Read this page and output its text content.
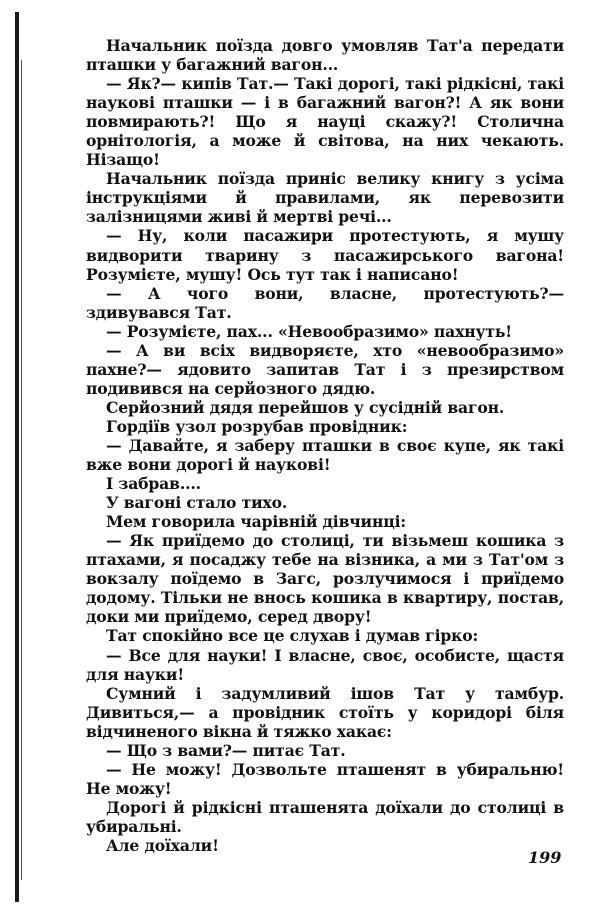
Начальник поїзда довго умовляв Тат'а передати пташки у багажний вагон...

— Як?— кипів Тат.— Такі дорогі, такі рідкісні, такі наукові пташки — і в багажний вагон?! А як вони повмирають?! Що я науці скажу?! Столична орнітологія, а може й світова, на них чекають. Нізащо!

Начальник поїзда приніс велику книгу з усіма інструкціями й правилами, як перевозити залізницями живі й мертві речі...

— Ну, коли пасажири протестують, я мушу видворити тварину з пасажирського вагона! Розумієте, мушу! Ось тут так і написано!

— А чого вони, власне, протестують?— здивувався Тат.

— Розумієте, пах... «Невообразимо» пахнуть!

— А ви всіх видворяєте, хто «невообразимо» пахне?— ядовито запитав Тат і з презирством подивився на серйозного дядю.

Серйозний дядя перейшов у сусідній вагон.

Гордіїв узол розрубав провідник:

— Давайте, я заберу пташки в своє купе, як такі вже вони дорогі й наукові!

І забрав....

У вагоні стало тихо.

Мем говорила чарівній дівчинці:

— Як приїдемо до столиці, ти візьмеш кошика з птахами, я посаджу тебе на візника, а ми з Тат'ом з вокзалу поїдемо в Загс, розлучимося і приїдемо додому. Тільки не внось кошика в квартиру, постав, доки ми приїдемо, серед двору!

Тат спокійно все це слухав і думав гірко:

— Все для науки! І власне, своє, особисте, щастя для науки!

Сумний і задумливий ішов Тат у тамбур. Дивиться,— а провідник стоїть у коридорі біля відчиненого вікна й тяжко хакає:

— Що з вами?— питає Тат.

— Не можу! Дозвольте пташенят в убиральню! Не можу!

Дорогі й рідкісні пташенята доїхали до столиці в убиральні.

Але доїхали!

199
